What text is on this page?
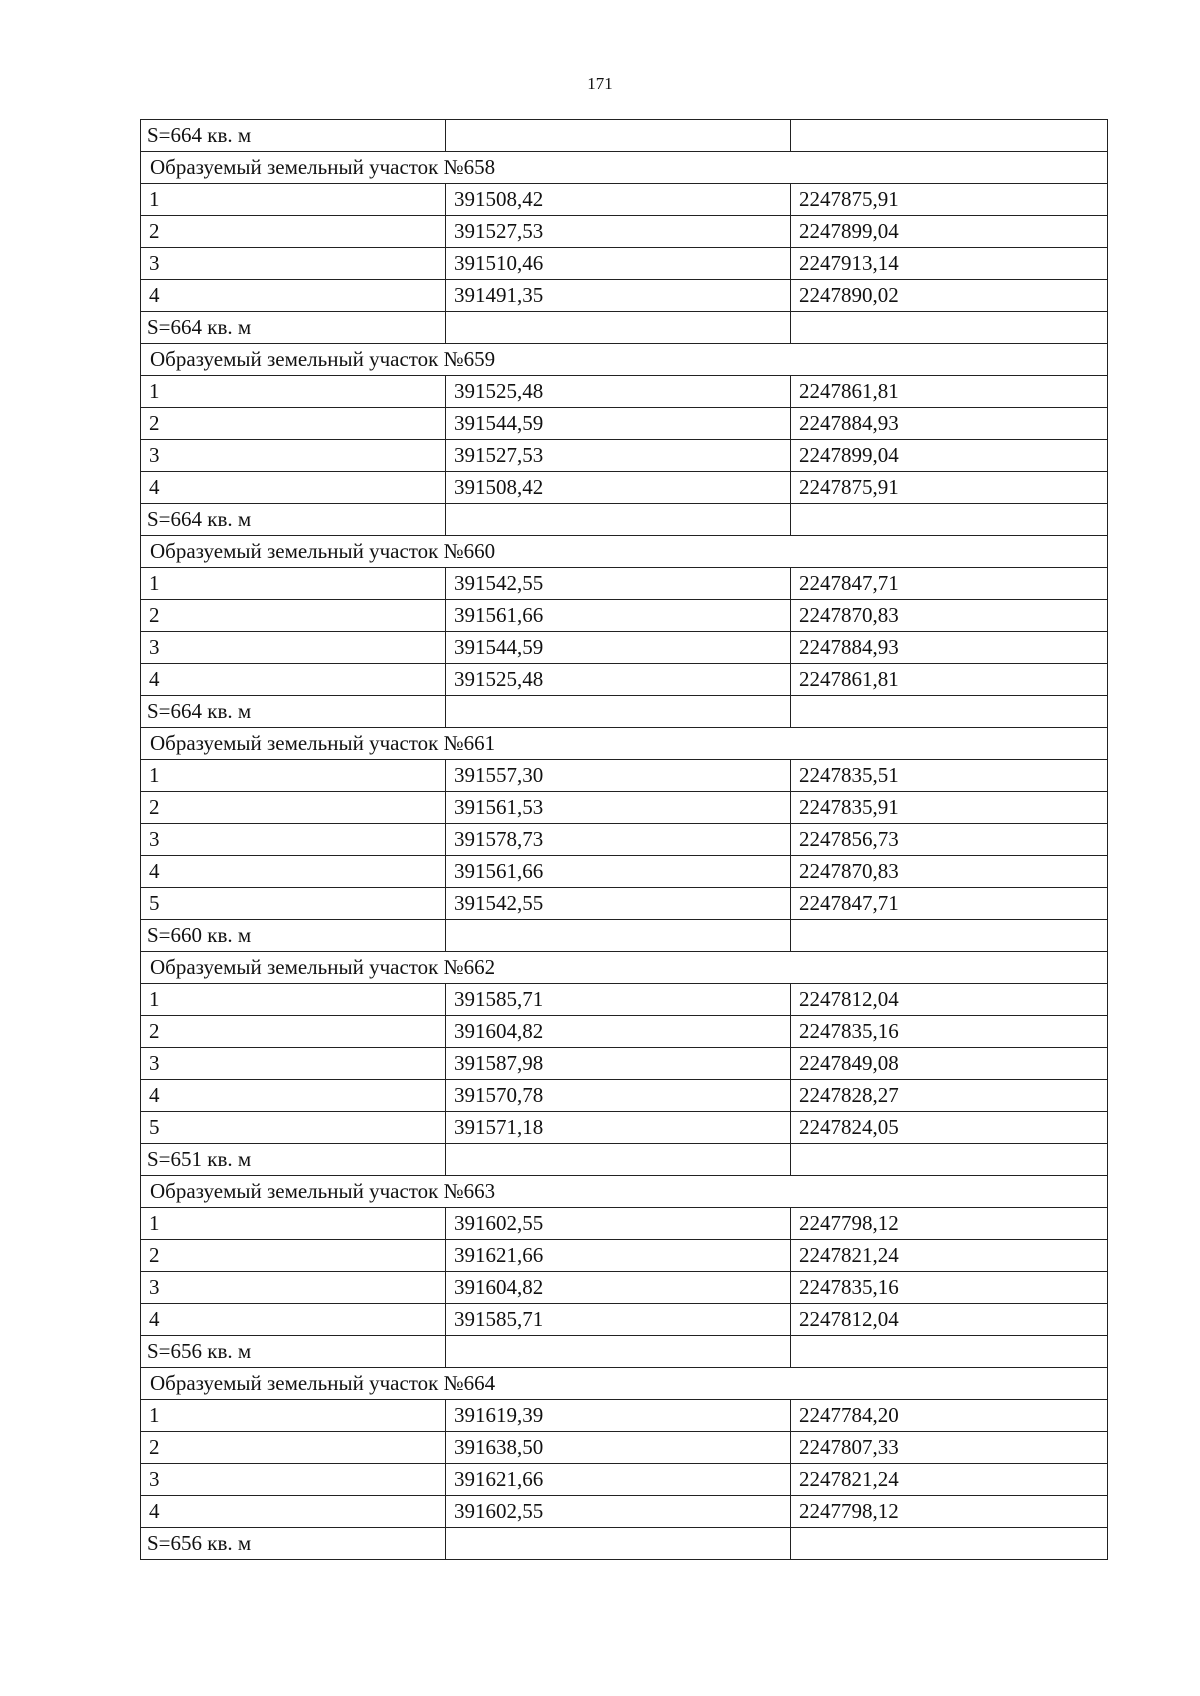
171
S=664 кв. м		
Образуемый земельный участок №658		
1	391508,42	2247875,91
2	391527,53	2247899,04
3	391510,46	2247913,14
4	391491,35	2247890,02
S=664 кв. м		
Образуемый земельный участок №659		
1	391525,48	2247861,81
2	391544,59	2247884,93
3	391527,53	2247899,04
4	391508,42	2247875,91
S=664 кв. м		
Образуемый земельный участок №660		
1	391542,55	2247847,71
2	391561,66	2247870,83
3	391544,59	2247884,93
4	391525,48	2247861,81
S=664 кв. м		
Образуемый земельный участок №661		
1	391557,30	2247835,51
2	391561,53	2247835,91
3	391578,73	2247856,73
4	391561,66	2247870,83
5	391542,55	2247847,71
S=660 кв. м		
Образуемый земельный участок №662		
1	391585,71	2247812,04
2	391604,82	2247835,16
3	391587,98	2247849,08
4	391570,78	2247828,27
5	391571,18	2247824,05
S=651 кв. м		
Образуемый земельный участок №663		
1	391602,55	2247798,12
2	391621,66	2247821,24
3	391604,82	2247835,16
4	391585,71	2247812,04
S=656 кв. м		
Образуемый земельный участок №664		
1	391619,39	2247784,20
2	391638,50	2247807,33
3	391621,66	2247821,24
4	391602,55	2247798,12
S=656 кв. м		
